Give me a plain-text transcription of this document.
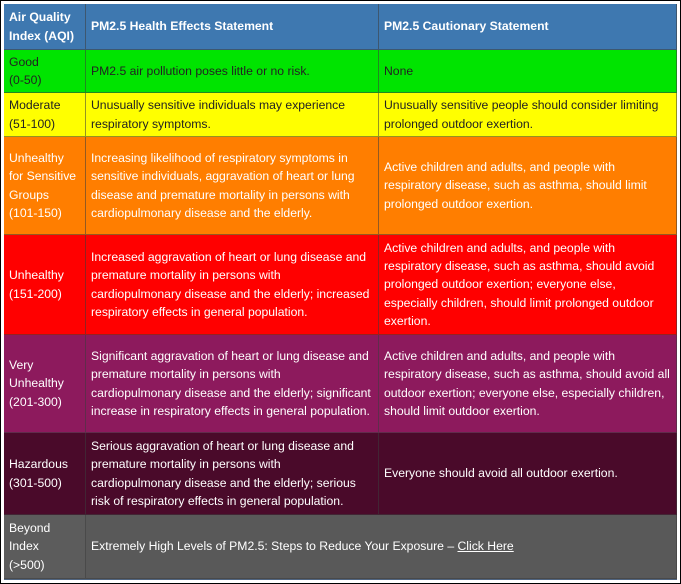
Air Quality Index (AQI)	PM2.5 Health Effects Statement	PM2.5 Cautionary Statement

Good
(0-50)	PM2.5 air pollution poses little or no risk.	None

Moderate
(51-100)	Unusually sensitive individuals may experience respiratory symptoms.	Unusually sensitive people should consider limiting prolonged outdoor exertion.

Unhealthy for Sensitive Groups
(101-150)	Increasing likelihood of respiratory symptoms in sensitive individuals, aggravation of heart or lung disease and premature mortality in persons with cardiopulmonary disease and the elderly.	Active children and adults, and people with respiratory disease, such as asthma, should limit prolonged outdoor exertion.

Unhealthy
(151-200)	Increased aggravation of heart or lung disease and premature mortality in persons with cardiopulmonary disease and the elderly; increased respiratory effects in general population.	Active children and adults, and people with respiratory disease, such as asthma, should avoid prolonged outdoor exertion; everyone else, especially children, should limit prolonged outdoor exertion.

Very Unhealthy
(201-300)	Significant aggravation of heart or lung disease and premature mortality in persons with cardiopulmonary disease and the elderly; significant increase in respiratory effects in general population.	Active children and adults, and people with respiratory disease, such as asthma, should avoid all outdoor exertion; everyone else, especially children, should limit outdoor exertion.

Hazardous
(301-500)	Serious aggravation of heart or lung disease and premature mortality in persons with cardiopulmonary disease and the elderly; serious risk of respiratory effects in general population.	Everyone should avoid all outdoor exertion.

Beyond Index
(>500)	Extremely High Levels of PM2.5: Steps to Reduce Your Exposure – Click Here	
